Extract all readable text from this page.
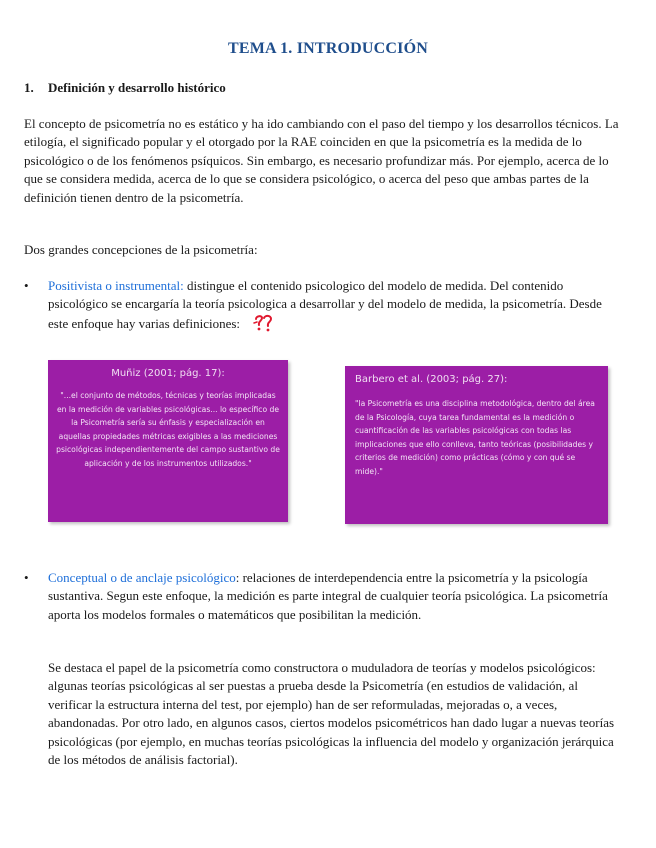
TEMA 1. INTRODUCCIÓN
1. Definición y desarrollo histórico
El concepto de psicometría no es estático y ha ido cambiando con el paso del tiempo y los desarrollos técnicos. La etilogía, el significado popular y el otorgado por la RAE coinciden en que la psicometría es la medida de lo psicológico o de los fenómenos psíquicos. Sin embargo, es necesario profundizar más. Por ejemplo, acerca de lo que se considera medida, acerca de lo que se considera psicológico, o acerca del peso que ambas partes de la definición tienen dentro de la psicometría.
Dos grandes concepciones de la psicometría:
• Positivista o instrumental: distingue el contenido psicologico del modelo de medida. Del contenido psicológico se encargaría la teoría psicologica a desarrollar y del modelo de medida, la psicometría. Desde este enfoque hay varias definiciones:
Muñiz (2001; pág. 17):
"...el conjunto de métodos, técnicas y teorías implicadas en la medición de variables psicológicas... lo específico de la Psicometría sería su énfasis y especialización en aquellas propiedades métricas exigibles a las mediciones psicológicas independientemente del campo sustantivo de aplicación y de los instrumentos utilizados."
Barbero et al. (2003; pág. 27):
"la Psicometría es una disciplina metodológica, dentro del área de la Psicología, cuya tarea fundamental es la medición o cuantificación de las variables psicológicas con todas las implicaciones que ello conlleva, tanto teóricas (posibilidades y criterios de medición) como prácticas (cómo y con qué se mide)."
• Conceptual o de anclaje psicológico: relaciones de interdependencia entre la psicometría y la psicología sustantiva. Segun este enfoque, la medición es parte integral de cualquier teoría psicológica. La psicometría aporta los modelos formales o matemáticos que posibilitan la medición.
Se destaca el papel de la psicometría como constructora o muduladora de teorías y modelos psicológicos: algunas teorías psicológicas al ser puestas a prueba desde la Psicometría (en estudios de validación, al verificar la estructura interna del test, por ejemplo) han de ser reformuladas, mejoradas o, a veces, abandonadas. Por otro lado, en algunos casos, ciertos modelos psicométricos han dado lugar a nuevas teorías psicológicas (por ejemplo, en muchas teorías psicológicas la influencia del modelo y organización jerárquica de los métodos de análisis factorial).
